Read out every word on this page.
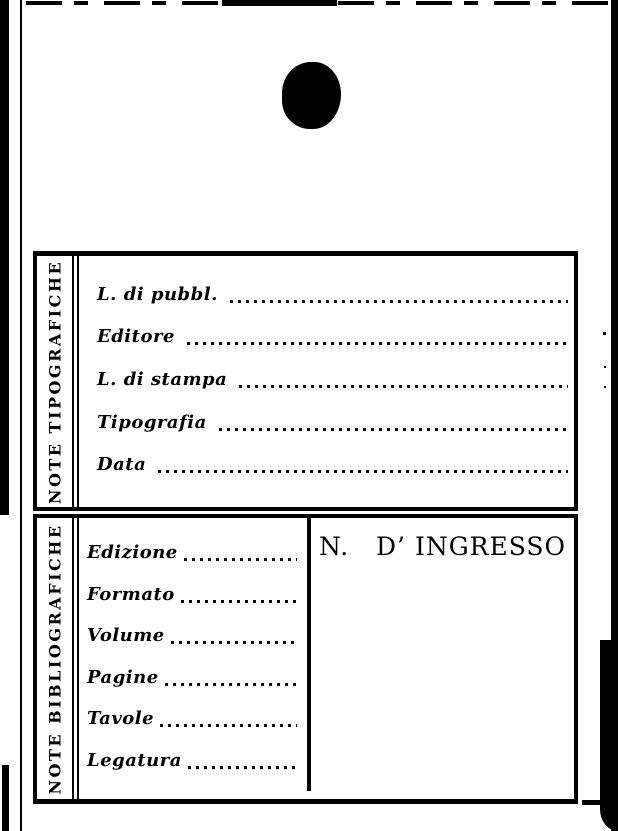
NOTE TIPOGRAFICHE L. di pubbl.
Editore
L. di stampa
Tipografia
Data
NOTE BIBLIOGRAFICHE Edizione
Formato
Volume
Pagine
Tavole
Legatura
N.   D’ INGRESSO
